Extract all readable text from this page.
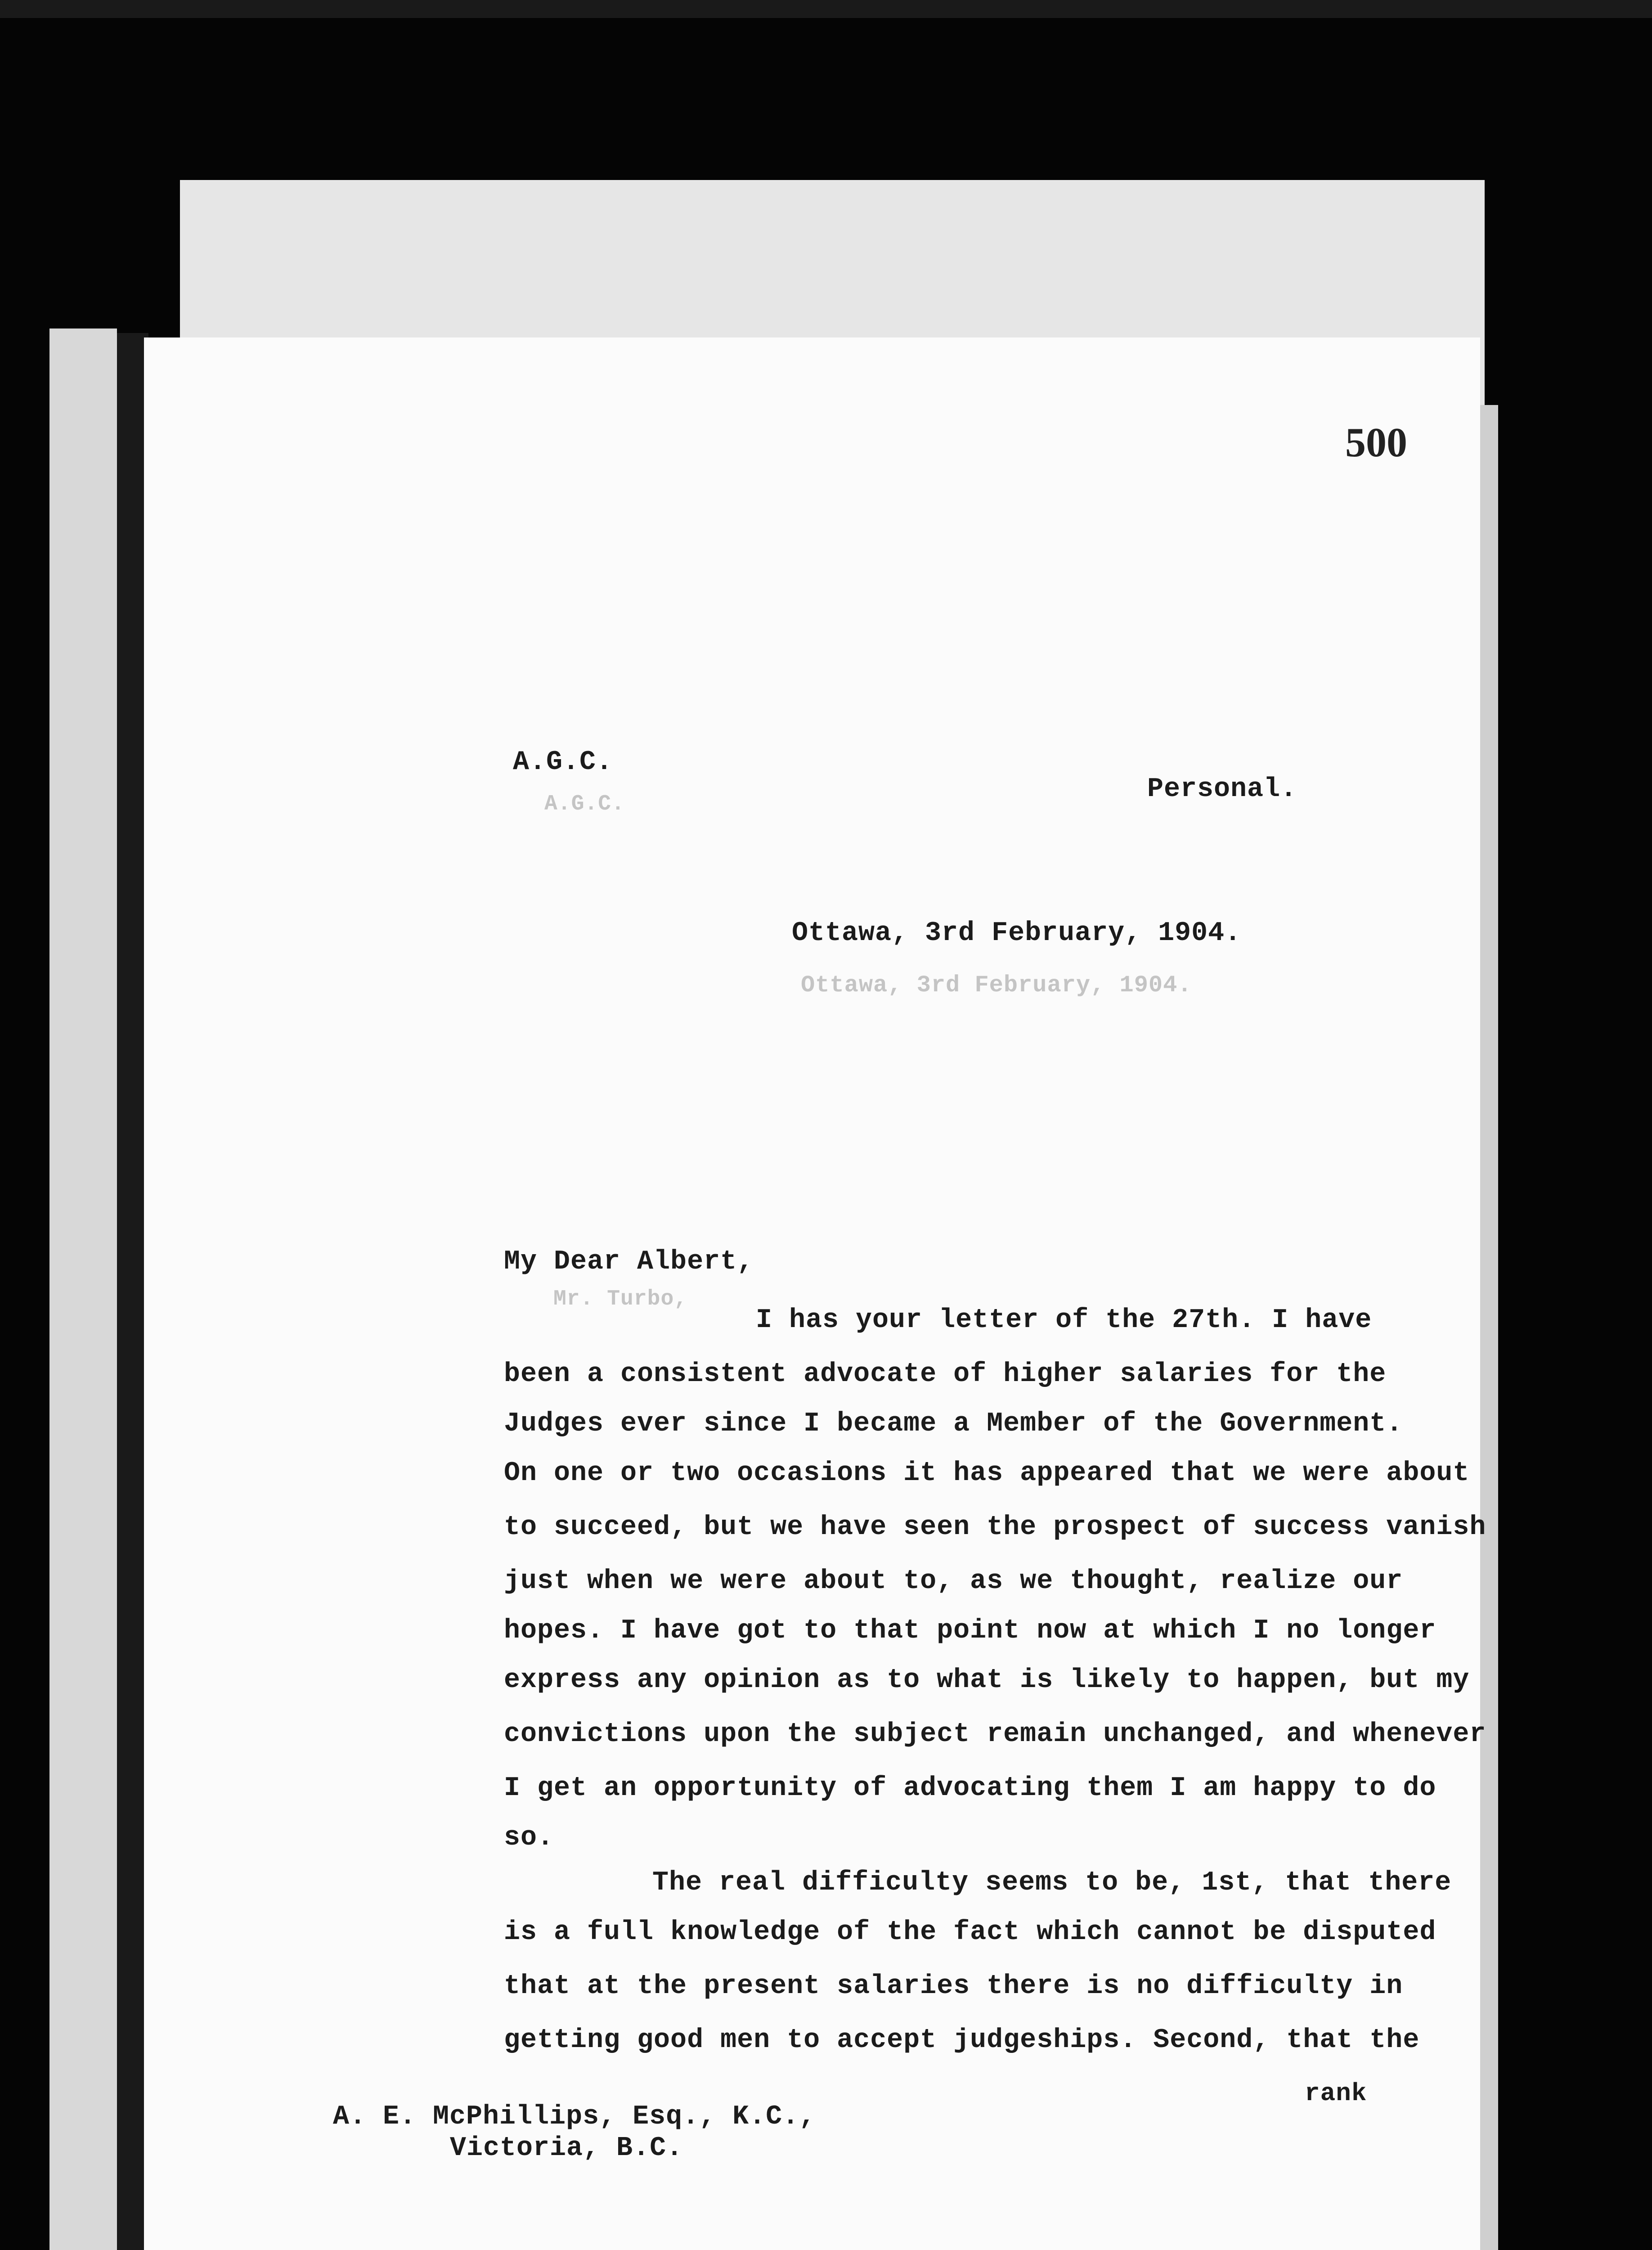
500
A.G.C.
A.G.C.	Personal.
Ottawa, 3rd February, 1904.
Ottawa, 3rd February, 1904.
My Dear Albert,
Mr. Turbo,
I has your letter of the 27th. I have
been a consistent advocate of higher salaries for the
Judges ever since I became a Member of the Government.
On one or two occasions it has appeared that we were about
to succeed, but we have seen the prospect of success vanish
just when we were about to, as we thought, realize our
hopes. I have got to that point now at which I no longer
express any opinion as to what is likely to happen, but my
convictions upon the subject remain unchanged, and whenever
I get an opportunity of advocating them I am happy to do
so.
The real difficulty seems to be, 1st, that there
is a full knowledge of the fact which cannot be disputed
that at the present salaries there is no difficulty in
getting good men to accept judgeships. Second, that the
rank
A. E. McPhillips, Esq., K.C.,
Victoria, B.C.
